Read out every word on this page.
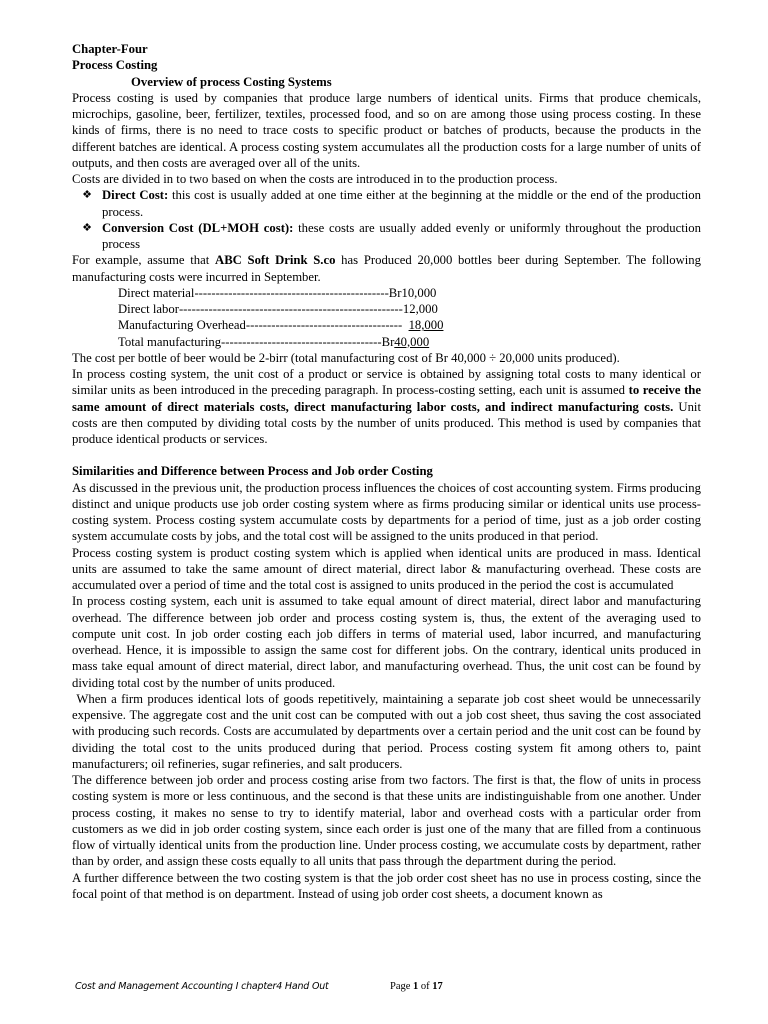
Chapter-Four

Process Costing

Overview of process Costing Systems

Process costing is used by companies that produce large numbers of identical units. Firms that produce chemicals, microchips, gasoline, beer, fertilizer, textiles, processed food, and so on are among those using process costing. In these kinds of firms, there is no need to trace costs to specific product or batches of products, because the products in the different batches are identical. A process costing system accumulates all the production costs for a large number of units of outputs, and then costs are averaged over all of the units.

Costs are divided in to two based on when the costs are introduced in to the production process.

❖ Direct Cost: this cost is usually added at one time either at the beginning at the middle or the end of the production process.

❖ Conversion Cost (DL+MOH cost): these costs are usually added evenly or uniformly throughout the production process

For example, assume that ABC Soft Drink S.co has Produced 20,000 bottles beer during September. The following manufacturing costs were incurred in September.

Direct material ---------------------------------------------- Br 10,000
Direct labor ----------------------------------------------------- 12,000
Manufacturing Overhead -------------------------------------
18,000
Total manufacturing -------------------------------------- Br 40,000

The cost per bottle of beer would be 2-birr (total manufacturing cost of Br 40,000 ÷ 20,000 units produced).

In process costing system, the unit cost of a product or service is obtained by assigning total costs to many identical or similar units as been introduced in the preceding paragraph. In process-costing setting, each unit is assumed to receive the same amount of direct materials costs, direct manufacturing labor costs, and indirect manufacturing costs. Unit costs are then computed by dividing total costs by the number of units produced. This method is used by companies that produce identical products or services.

Similarities and Difference between Process and Job order Costing

As discussed in the previous unit, the production process influences the choices of cost accounting system. Firms producing distinct and unique products use job order costing system where as firms producing similar or identical units use process-costing system. Process costing system accumulate costs by departments for a period of time, just as a job order costing system accumulate costs by jobs, and the total cost will be assigned to the units produced in that period.

Process costing system is product costing system which is applied when identical units are produced in mass. Identical units are assumed to take the same amount of direct material, direct labor & manufacturing overhead. These costs are accumulated over a period of time and the total cost is assigned to units produced in the period the cost is accumulated

In process costing system, each unit is assumed to take equal amount of direct material, direct labor and manufacturing overhead. The difference between job order and process costing system is, thus, the extent of the averaging used to compute unit cost. In job order costing each job differs in terms of material used, labor incurred, and manufacturing overhead. Hence, it is impossible to assign the same cost for different jobs. On the contrary, identical units produced in mass take equal amount of direct material, direct labor, and manufacturing overhead. Thus, the unit cost can be found by dividing total cost by the number of units produced.

When a firm produces identical lots of goods repetitively, maintaining a separate job cost sheet would be unnecessarily expensive. The aggregate cost and the unit cost can be computed with out a job cost sheet, thus saving the cost associated with producing such records. Costs are accumulated by departments over a certain period and the unit cost can be found by dividing the total cost to the units produced during that period. Process costing system fit among others to, paint manufacturers; oil refineries, sugar refineries, and salt producers.

The difference between job order and process costing arise from two factors. The first is that, the flow of units in process costing system is more or less continuous, and the second is that these units are indistinguishable from one another. Under process costing, it makes no sense to try to identify material, labor and overhead costs with a particular order from customers as we did in job order costing system, since each order is just one of the many that are filled from a continuous flow of virtually identical units from the production line. Under process costing, we accumulate costs by department, rather than by order, and assign these costs equally to all units that pass through the department during the period.

A further difference between the two costing system is that the job order cost sheet has no use in process costing, since the focal point of that method is on department. Instead of using job order cost sheets, a document known as

Cost and Management Accounting I chapter4 Hand Out	Page 1 of 17
